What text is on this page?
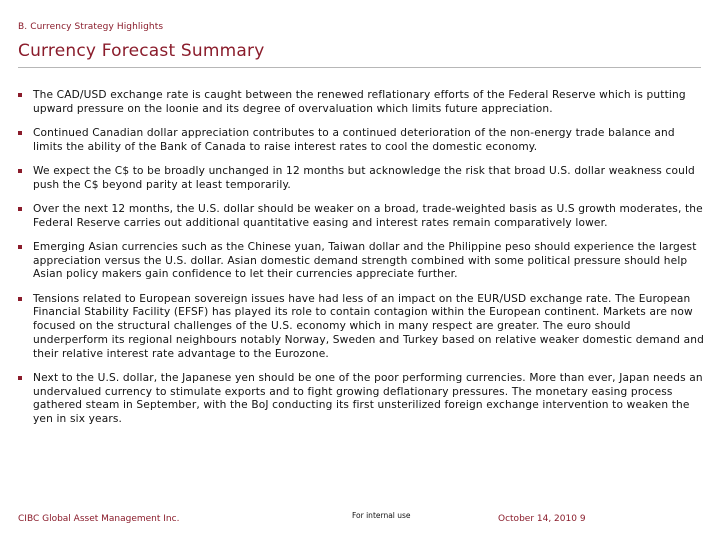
B. Currency Strategy Highlights
Currency Forecast Summary
The CAD/USD exchange rate is caught between the renewed reflationary efforts of the Federal Reserve which is putting upward pressure on the loonie and its degree of overvaluation which limits future appreciation.
Continued Canadian dollar appreciation contributes to a continued deterioration of the non-energy trade balance and limits the ability of the Bank of Canada to raise interest rates to cool the domestic economy.
We expect the C$ to be broadly unchanged in 12 months but acknowledge the risk that broad U.S. dollar weakness could push the C$ beyond parity at least temporarily.
Over the next 12 months, the U.S. dollar should be weaker on a broad, trade-weighted basis as U.S growth moderates, the Federal Reserve carries out additional quantitative easing and interest rates remain comparatively lower.
Emerging Asian currencies such as the Chinese yuan, Taiwan dollar and the Philippine peso should experience the largest appreciation versus the U.S. dollar. Asian domestic demand strength combined with some political pressure should help Asian policy makers gain confidence to let their currencies appreciate further.
Tensions related to European sovereign issues have had less of an impact on the EUR/USD exchange rate. The European Financial Stability Facility (EFSF) has played its role to contain contagion within the European continent. Markets are now focused on the structural challenges of the U.S. economy which in many respect are greater. The euro should underperform its regional neighbours notably Norway, Sweden and Turkey based on relative weaker domestic demand and their relative interest rate advantage to the Eurozone.
Next to the U.S. dollar, the Japanese yen should be one of the poor performing currencies. More than ever, Japan needs an undervalued currency to stimulate exports and to fight growing deflationary pressures. The monetary easing process gathered steam in September, with the BoJ conducting its first unsterilized foreign exchange intervention to weaken the yen in six years.
CIBC Global Asset Management Inc.	For internal use	October 14, 2010 9
